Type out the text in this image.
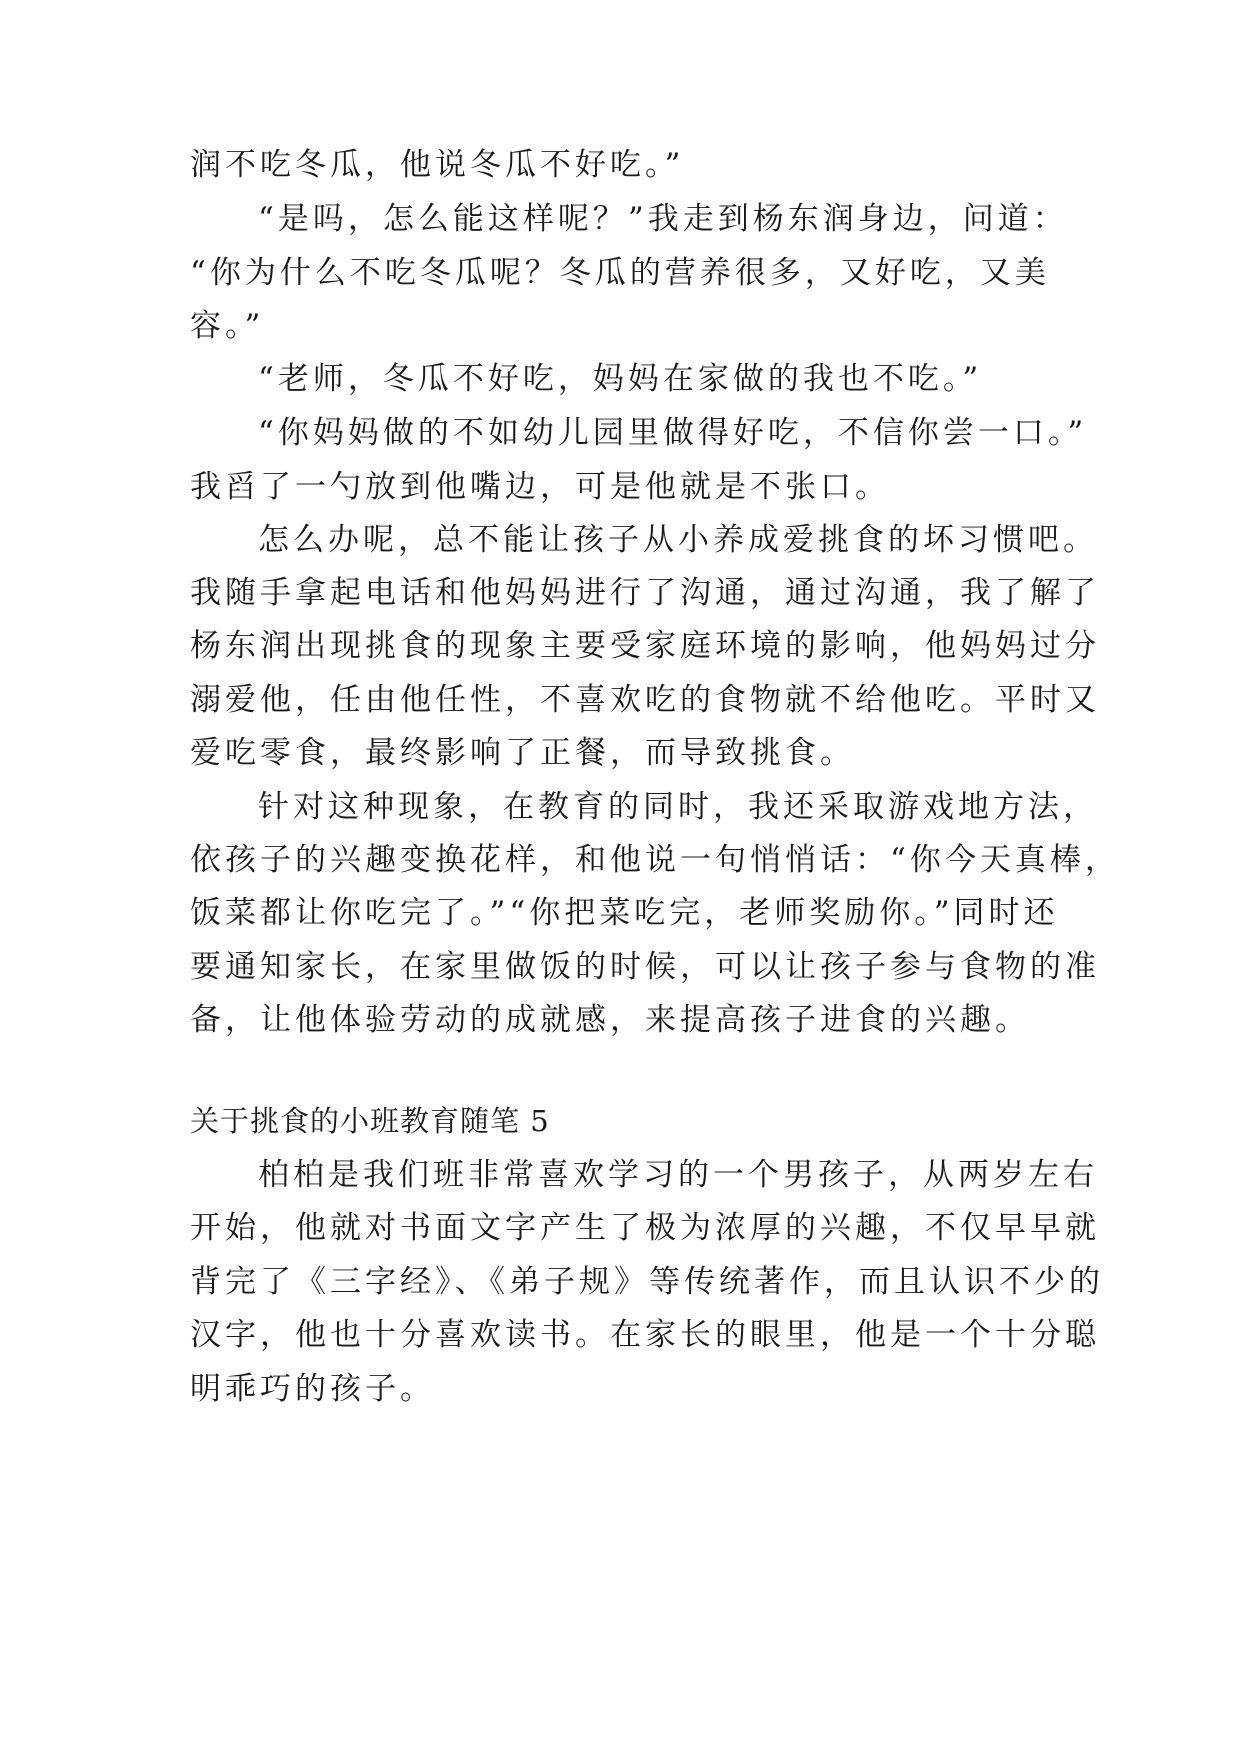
润不吃冬瓜，他说冬瓜不好吃。”
“是吗，怎么能这样呢？”我走到杨东润身边，问道：
“你为什么不吃冬瓜呢？冬瓜的营养很多，又好吃，又美
容。”
“老师，冬瓜不好吃，妈妈在家做的我也不吃。”
“你妈妈做的不如幼儿园里做得好吃，不信你尝一口。”
我舀了一勺放到他嘴边，可是他就是不张口。
怎么办呢，总不能让孩子从小养成爱挑食的坏习惯吧。
我随手拿起电话和他妈妈进行了沟通，通过沟通，我了解了
杨东润出现挑食的现象主要受家庭环境的影响，他妈妈过分
溺爱他，任由他任性，不喜欢吃的食物就不给他吃。平时又
爱吃零食，最终影响了正餐，而导致挑食。
针对这种现象，在教育的同时，我还采取游戏地方法，
依孩子的兴趣变换花样，和他说一句悄悄话：“你今天真棒，
饭菜都让你吃完了。”“你把菜吃完，老师奖励你。”同时还
要通知家长，在家里做饭的时候，可以让孩子参与食物的准
备，让他体验劳动的成就感，来提高孩子进食的兴趣。
关于挑食的小班教育随笔 5
柏柏是我们班非常喜欢学习的一个男孩子，从两岁左右
开始，他就对书面文字产生了极为浓厚的兴趣，不仅早早就
背完了《三字经》、《弟子规》等传统著作，而且认识不少的
汉字，他也十分喜欢读书。在家长的眼里，他是一个十分聪
明乖巧的孩子。
